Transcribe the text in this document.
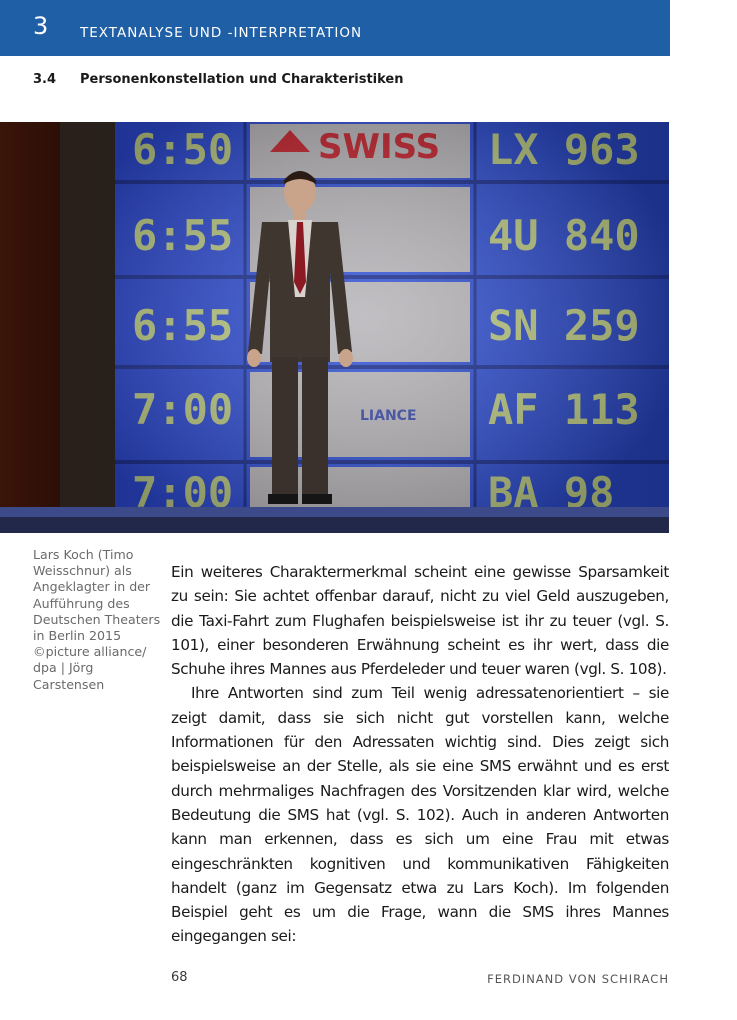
3 TEXTANALYSE UND -INTERPRETATION
3.4 Personenkonstellation und Charakteristiken
Lars Koch (Timo Weisschnur) als Angeklagter in der Aufführung des Deutschen Theaters in Berlin 2015 ©picture alliance/ dpa | Jörg Carstensen

Ein weiteres Charaktermerkmal scheint eine gewisse Sparsamkeit zu sein: Sie achtet offenbar darauf, nicht zu viel Geld auszugeben, die Taxi-Fahrt zum Flughafen beispielsweise ist ihr zu teuer (vgl. S. 101), einer besonderen Erwähnung scheint es ihr wert, dass die Schuhe ihres Mannes aus Pferdeleder und teuer waren (vgl. S. 108).

Ihre Antworten sind zum Teil wenig adressatenorientiert – sie zeigt damit, dass sie sich nicht gut vorstellen kann, welche Informationen für den Adressaten wichtig sind. Dies zeigt sich beispielsweise an der Stelle, als sie eine SMS erwähnt und es erst durch mehrmaliges Nachfragen des Vorsitzenden klar wird, welche Bedeutung die SMS hat (vgl. S. 102). Auch in anderen Antworten kann man erkennen, dass es sich um eine Frau mit etwas eingeschränkten kognitiven und kommunikativen Fähigkeiten handelt (ganz im Gegensatz etwa zu Lars Koch). Im folgenden Beispiel geht es um die Frage, wann die SMS ihres Mannes eingegangen sei:

68	FERDINAND VON SCHIRACH
